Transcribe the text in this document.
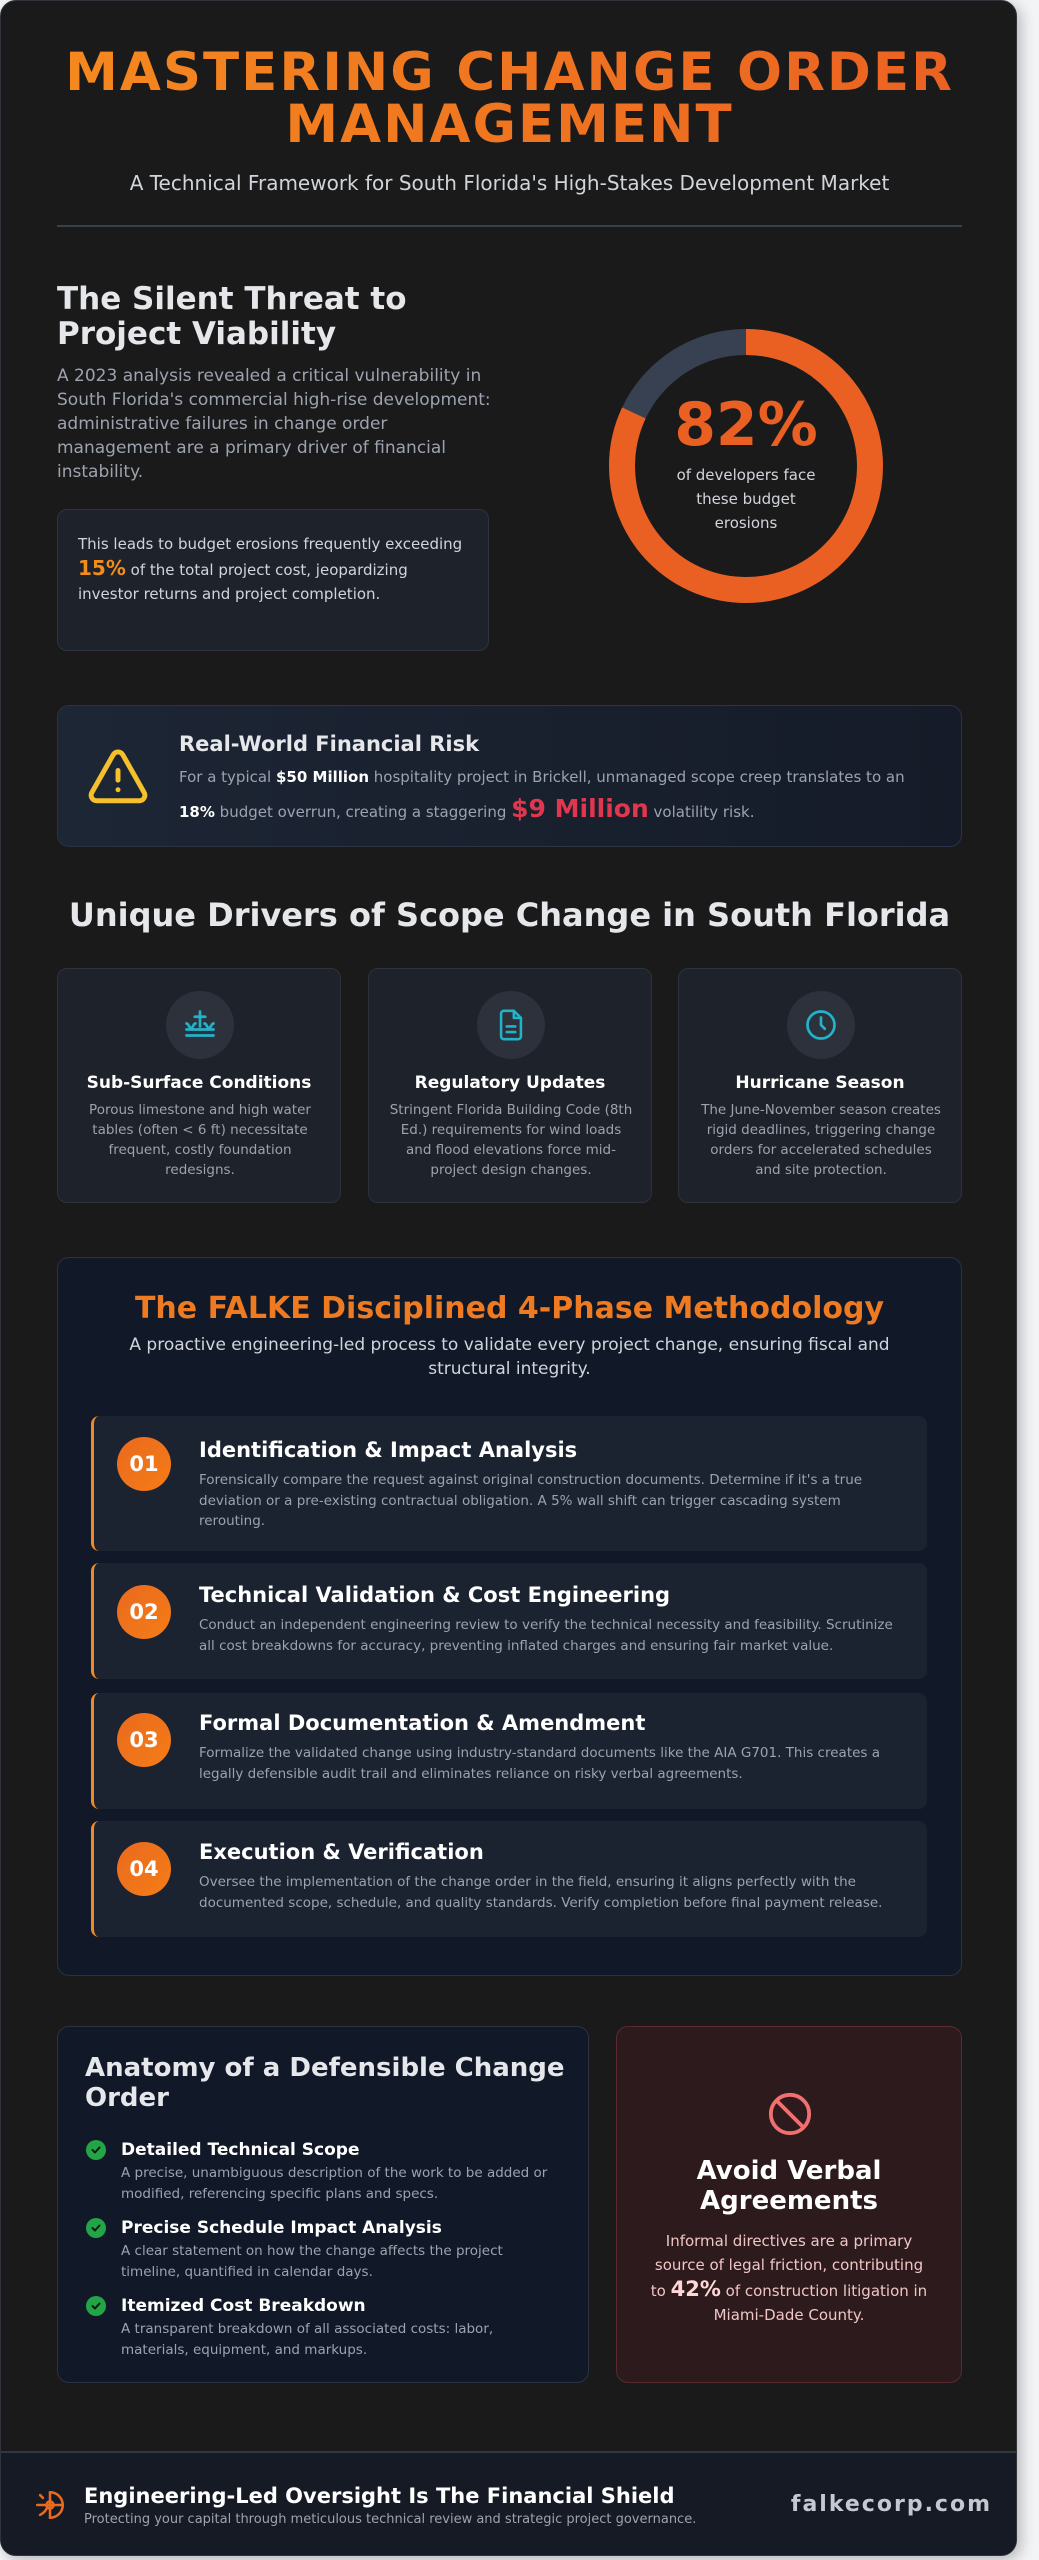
MASTERING CHANGE ORDER
MANAGEMENT
A Technical Framework for South Florida's High-Stakes Development Market
The Silent Threat to Project Viability
A 2023 analysis revealed a critical vulnerability in South Florida's commercial high-rise development: administrative failures in change order management are a primary driver of financial instability.
This leads to budget erosions frequently exceeding 15% of the total project cost, jeopardizing investor returns and project completion.
82%
of developers face these budget erosions
Real-World Financial Risk
For a typical $50 Million hospitality project in Brickell, unmanaged scope creep translates to an
18% budget overrun, creating a staggering $9 Million volatility risk.
Unique Drivers of Scope Change in South Florida
Sub-Surface Conditions
Porous limestone and high water tables (often < 6 ft) necessitate frequent, costly foundation redesigns.
Regulatory Updates
Stringent Florida Building Code (8th Ed.) requirements for wind loads and flood elevations force mid-project design changes.
Hurricane Season
The June-November season creates rigid deadlines, triggering change orders for accelerated schedules and site protection.
The FALKE Disciplined 4-Phase Methodology
A proactive engineering-led process to validate every project change, ensuring fiscal and structural integrity.
01
Identification & Impact Analysis
Forensically compare the request against original construction documents. Determine if it's a true deviation or a pre-existing contractual obligation. A 5% wall shift can trigger cascading system rerouting.
02
Technical Validation & Cost Engineering
Conduct an independent engineering review to verify the technical necessity and feasibility. Scrutinize all cost breakdowns for accuracy, preventing inflated charges and ensuring fair market value.
03
Formal Documentation & Amendment
Formalize the validated change using industry-standard documents like the AIA G701. This creates a legally defensible audit trail and eliminates reliance on risky verbal agreements.
04
Execution & Verification
Oversee the implementation of the change order in the field, ensuring it aligns perfectly with the documented scope, schedule, and quality standards. Verify completion before final payment release.
Anatomy of a Defensible Change Order
Detailed Technical Scope
A precise, unambiguous description of the work to be added or modified, referencing specific plans and specs.
Precise Schedule Impact Analysis
A clear statement on how the change affects the project timeline, quantified in calendar days.
Itemized Cost Breakdown
A transparent breakdown of all associated costs: labor, materials, equipment, and markups.
Avoid Verbal Agreements
Informal directives are a primary source of legal friction, contributing to 42% of construction litigation in Miami-Dade County.
Engineering-Led Oversight Is The Financial Shield
Protecting your capital through meticulous technical review and strategic project governance.
falkecorp.com
